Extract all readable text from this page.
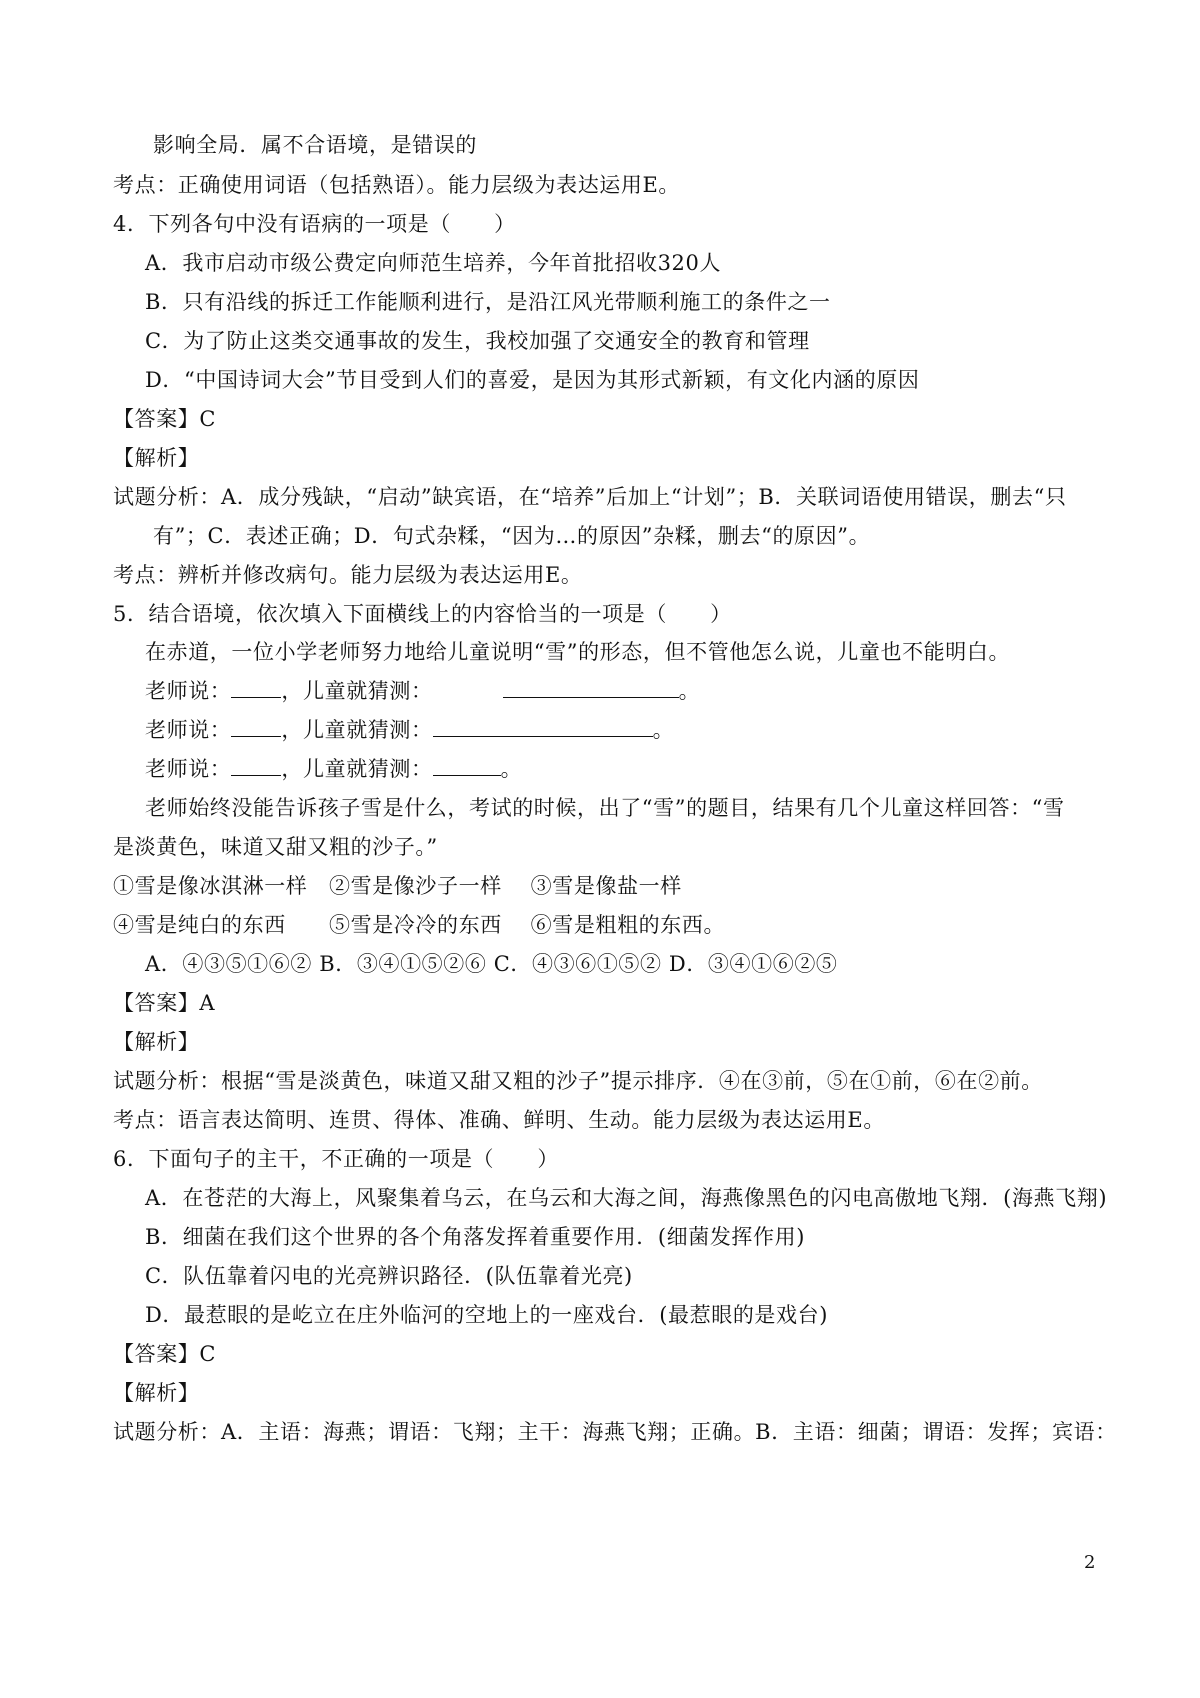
影响全局．属不合语境，是错误的
考点：正确使用词语（包括熟语）。能力层级为表达运用E。
4．下列各句中没有语病的一项是（　　）
A．我市启动市级公费定向师范生培养，今年首批招收320人
B．只有沿线的拆迁工作能顺利进行，是沿江风光带顺利施工的条件之一
C．为了防止这类交通事故的发生，我校加强了交通安全的教育和管理
D．“中国诗词大会”节目受到人们的喜爱，是因为其形式新颖，有文化内涵的原因
【答案】C
【解析】
试题分析：A．成分残缺，“启动”缺宾语，在“培养”后加上“计划”；B．关联词语使用错误，删去“只
有”；C．表述正确；D．句式杂糅，“因为…的原因”杂糅，删去“的原因”。
考点：辨析并修改病句。能力层级为表达运用E。
5．结合语境，依次填入下面横线上的内容恰当的一项是（　　）
在赤道，一位小学老师努力地给儿童说明“雪”的形态，但不管他怎么说，儿童也不能明白。
老师说： ，儿童就猜测：	。
老师说： ，儿童就猜测：	。
老师说： ，儿童就猜测：	。
老师始终没能告诉孩子雪是什么，考试的时候，出了“雪”的题目，结果有几个儿童这样回答：“雪
是淡黄色，味道又甜又粗的沙子。”
①雪是像冰淇淋一样　②雪是像沙子一样　 ③雪是像盐一样
④雪是纯白的东西　　⑤雪是冷冷的东西　 ⑥雪是粗粗的东西。
A．④③⑤①⑥② B．③④①⑤②⑥ C．④③⑥①⑤② D．③④①⑥②⑤
【答案】A
【解析】
试题分析：根据“雪是淡黄色，味道又甜又粗的沙子”提示排序．④在③前，⑤在①前，⑥在②前。
考点：语言表达简明、连贯、得体、准确、鲜明、生动。能力层级为表达运用E。
6．下面句子的主干，不正确的一项是（　　）
A．在苍茫的大海上，风聚集着乌云，在乌云和大海之间，海燕像黑色的闪电高傲地飞翔．(海燕飞翔)
B．细菌在我们这个世界的各个角落发挥着重要作用．(细菌发挥作用)
C．队伍靠着闪电的光亮辨识路径．(队伍靠着光亮)
D．最惹眼的是屹立在庄外临河的空地上的一座戏台．(最惹眼的是戏台)
【答案】C
【解析】
试题分析：A．主语：海燕；谓语：飞翔；主干：海燕飞翔；正确。B．主语：细菌；谓语：发挥；宾语：
2
